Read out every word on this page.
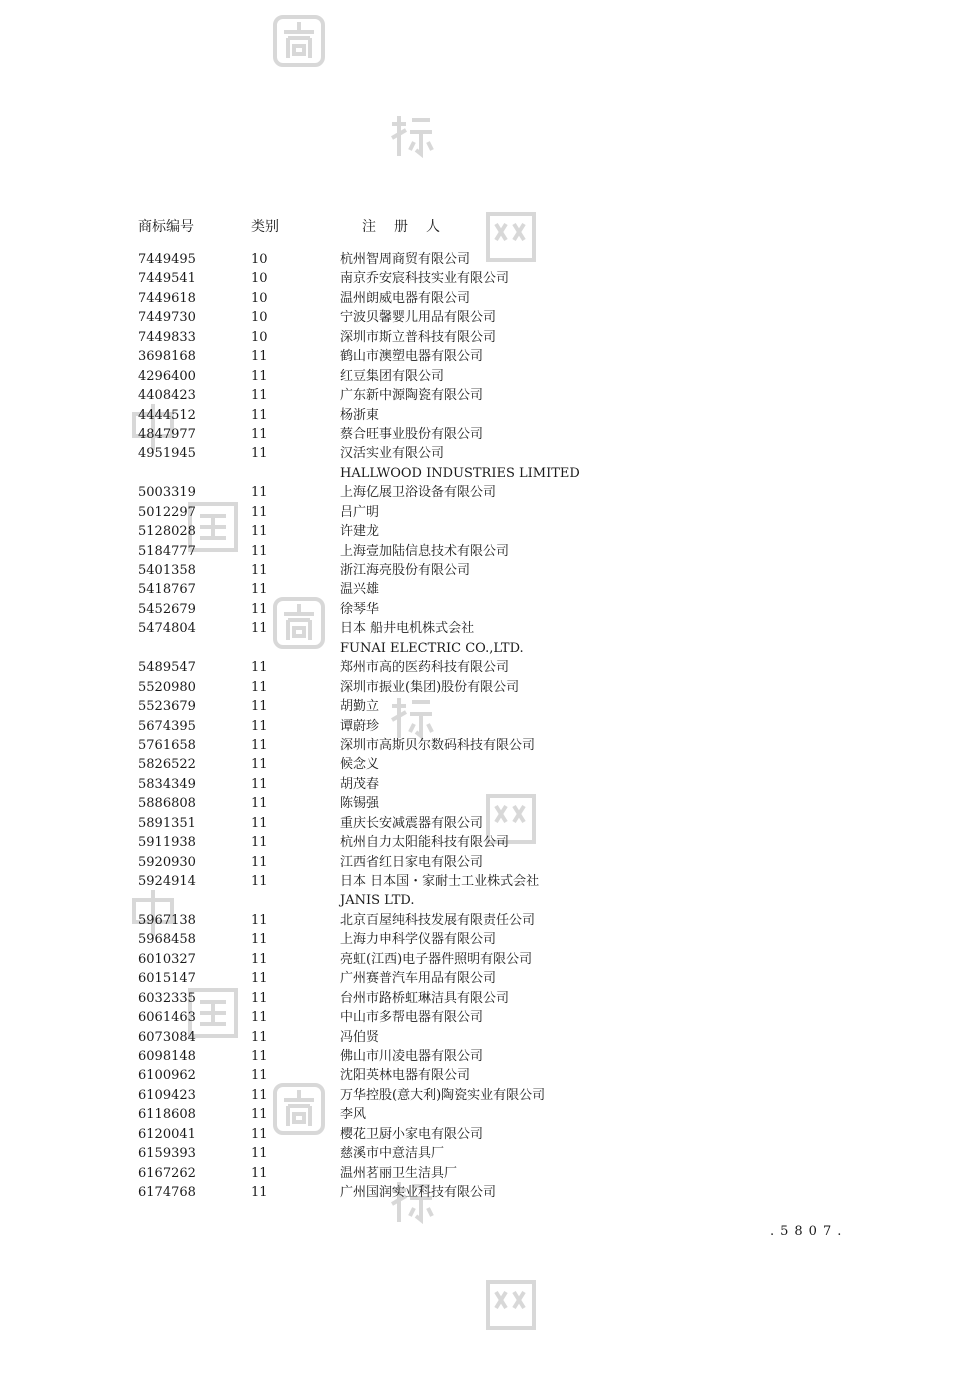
商标编号	类别	注册人
7449495	10	杭州智周商贸有限公司
7449541	10	南京乔安宸科技实业有限公司
7449618	10	温州朗威电器有限公司
7449730	10	宁波贝馨婴儿用品有限公司
7449833	10	深圳市斯立普科技有限公司
3698168	11	鹤山市澳塑电器有限公司
4296400	11	红豆集团有限公司
4408423	11	广东新中源陶瓷有限公司
4444512	11	杨浙東
4847977	11	蔡合旺事业股份有限公司
4951945	11	汉活实业有限公司
HALLWOOD INDUSTRIES LIMITED
5003319	11	上海亿展卫浴设备有限公司
5012297	11	吕广明
5128028	11	许建龙
5184777	11	上海壹加陆信息技术有限公司
5401358	11	浙江海亮股份有限公司
5418767	11	温兴雄
5452679	11	徐琴华
5474804	11	日本 船井电机株式会社
FUNAI ELECTRIC CO.,LTD.
5489547	11	郑州市高的医药科技有限公司
5520980	11	深圳市振业(集团)股份有限公司
5523679	11	胡勤立
5674395	11	谭蔚珍
5761658	11	深圳市高斯贝尔数码科技有限公司
5826522	11	候念义
5834349	11	胡茂春
5886808	11	陈锡强
5891351	11	重庆长安减震器有限公司
5911938	11	杭州自力太阳能科技有限公司
5920930	11	江西省红日家电有限公司
5924914	11	日本 日本国・家耐士工业株式会社
JANIS LTD.
5967138	11	北京百屋纯科技发展有限责任公司
5968458	11	上海力申科学仪器有限公司
6010327	11	亮虹(江西)电子器件照明有限公司
6015147	11	广州赛普汽车用品有限公司
6032335	11	台州市路桥虹琳洁具有限公司
6061463	11	中山市多帮电器有限公司
6073084	11	冯伯贤
6098148	11	佛山市川凌电器有限公司
6100962	11	沈阳英林电器有限公司
6109423	11	万华控股(意大利)陶瓷实业有限公司
6118608	11	李风
6120041	11	樱花卫厨小家电有限公司
6159393	11	慈溪市中意洁具厂
6167262	11	温州茗丽卫生洁具厂
6174768	11	广州国润实业科技有限公司
.5807.
